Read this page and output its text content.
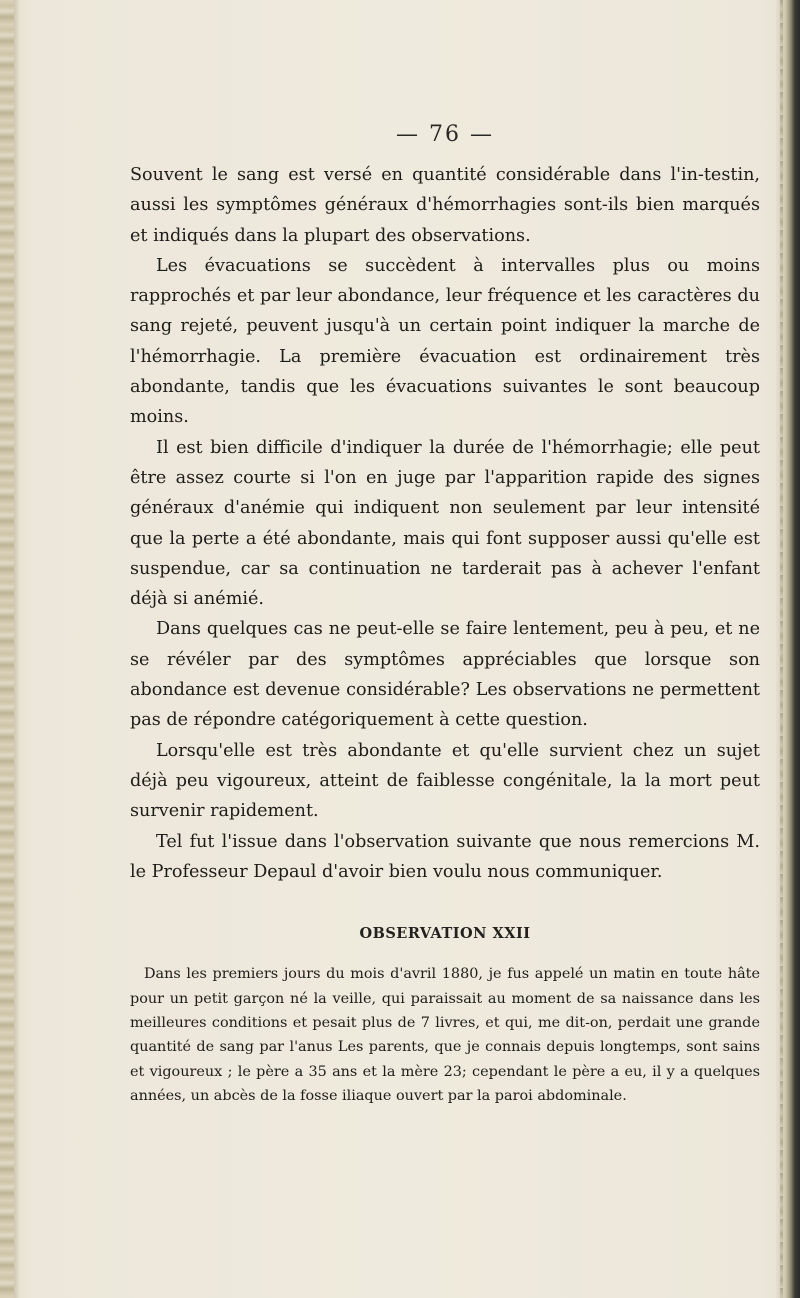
— 76 —

Souvent le sang est versé en quantité considérable dans l'in-testin, aussi les symptômes généraux d'hémorrhagies sont-ils bien marqués et indiqués dans la plupart des observations.

Les évacuations se succèdent à intervalles plus ou moins rapprochés et par leur abondance, leur fréquence et les caractères du sang rejeté, peuvent jusqu'à un certain point indiquer la marche de l'hémorrhagie. La première évacuation est ordinairement très abondante, tandis que les évacuations suivantes le sont beaucoup moins.

Il est bien difficile d'indiquer la durée de l'hémorrhagie; elle peut être assez courte si l'on en juge par l'apparition rapide des signes généraux d'anémie qui indiquent non seulement par leur intensité que la perte a été abondante, mais qui font supposer aussi qu'elle est suspendue, car sa continuation ne tarderait pas à achever l'enfant déjà si anémié.

Dans quelques cas ne peut-elle se faire lentement, peu à peu, et ne se révéler par des symptômes appréciables que lorsque son abondance est devenue considérable? Les observations ne permettent pas de répondre catégoriquement à cette question.

Lorsqu'elle est très abondante et qu'elle survient chez un sujet déjà peu vigoureux, atteint de faiblesse congénitale, la la mort peut survenir rapidement.

Tel fut l'issue dans l'observation suivante que nous remercions M. le Professeur Depaul d'avoir bien voulu nous communiquer.

OBSERVATION XXII

Dans les premiers jours du mois d'avril 1880, je fus appelé un matin en toute hâte pour un petit garçon né la veille, qui paraissait au moment de sa naissance dans les meilleures conditions et pesait plus de 7 livres, et qui, me dit-on, perdait une grande quantité de sang par l'anus Les parents, que je connais depuis longtemps, sont sains et vigoureux ; le père a 35 ans et la mère 23; cependant le père a eu, il y a quelques années, un abcès de la fosse iliaque ouvert par la paroi abdominale.
